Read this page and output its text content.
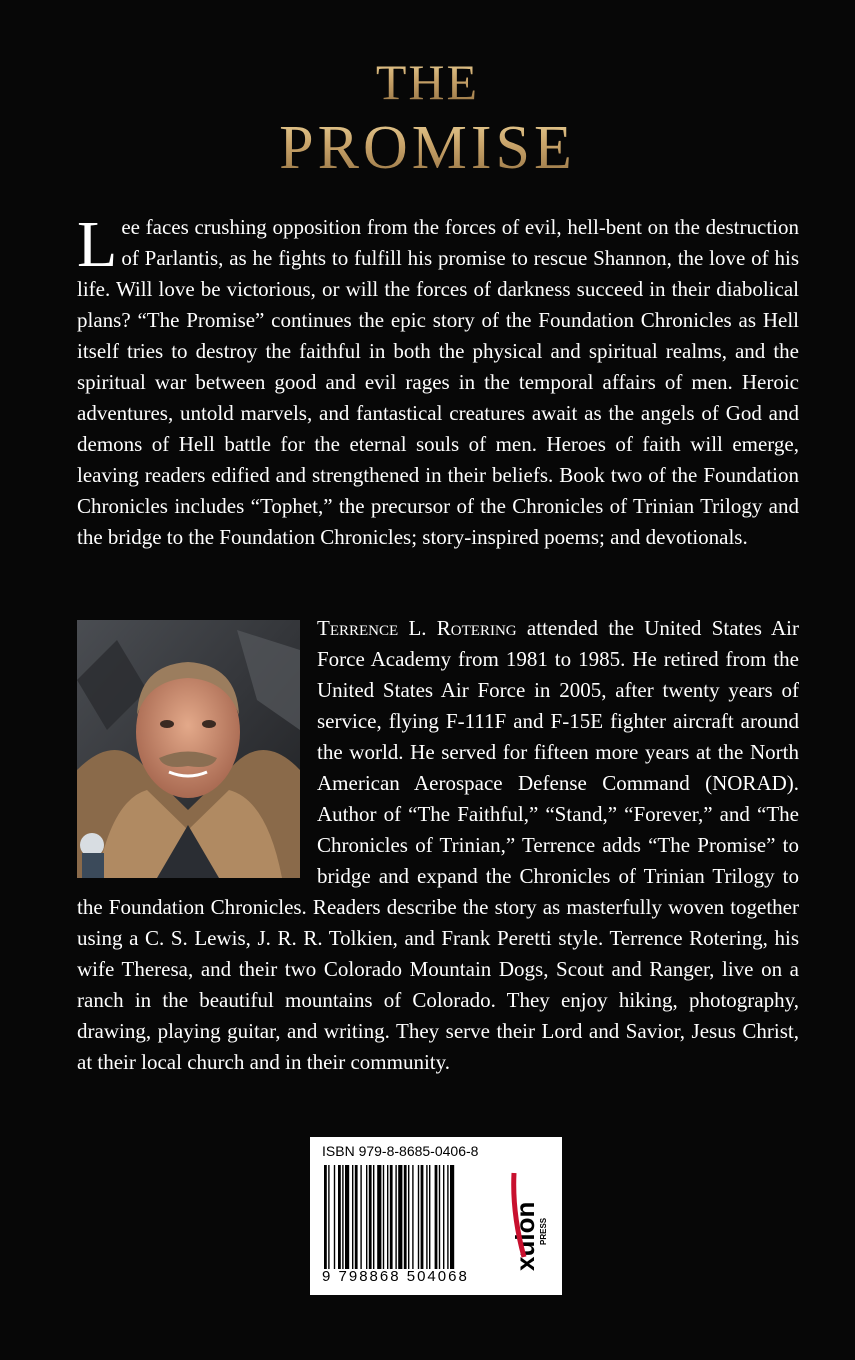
THE
PROMISE

Lee faces crushing opposition from the forces of evil, hell-bent on the destruction of Parlantis, as he fights to fulfill his promise to rescue Shannon, the love of his life. Will love be victorious, or will the forces of darkness succeed in their diabolical plans? “The Promise” continues the epic story of the Foundation Chronicles as Hell itself tries to destroy the faithful in both the physical and spiritual realms, and the spiritual war between good and evil rages in the temporal affairs of men. Heroic adventures, untold marvels, and fantastical creatures await as the angels of God and demons of Hell battle for the eternal souls of men. Heroes of faith will emerge, leaving readers edified and strengthened in their beliefs. Book two of the Foundation Chronicles includes “Tophet,” the precursor of the Chronicles of Trinian Trilogy and the bridge to the Foundation Chronicles; story-inspired poems; and devotionals.

Terrence L. Rotering attended the United States Air Force Academy from 1981 to 1985. He retired from the United States Air Force in 2005, after twenty years of service, flying F-111F and F-15E fighter aircraft around the world. He served for fifteen more years at the North American Aerospace Defense Command (NORAD). Author of “The Faithful,” “Stand,” “Forever,” and “The Chronicles of Trinian,” Terrence adds “The Promise” to bridge and expand the Chronicles of Trinian Trilogy to the Foundation Chronicles. Readers describe the story as masterfully woven together using a C. S. Lewis, J. R. R. Tolkien, and Frank Peretti style. Terrence Rotering, his wife Theresa, and their two Colorado Mountain Dogs, Scout and Ranger, live on a ranch in the beautiful mountains of Colorado. They enjoy hiking, photography, drawing, playing guitar, and writing. They serve their Lord and Savior, Jesus Christ, at their local church and in their community.

ISBN 979-8-8685-0406-8
9 798868 504068
xulon PRESS
